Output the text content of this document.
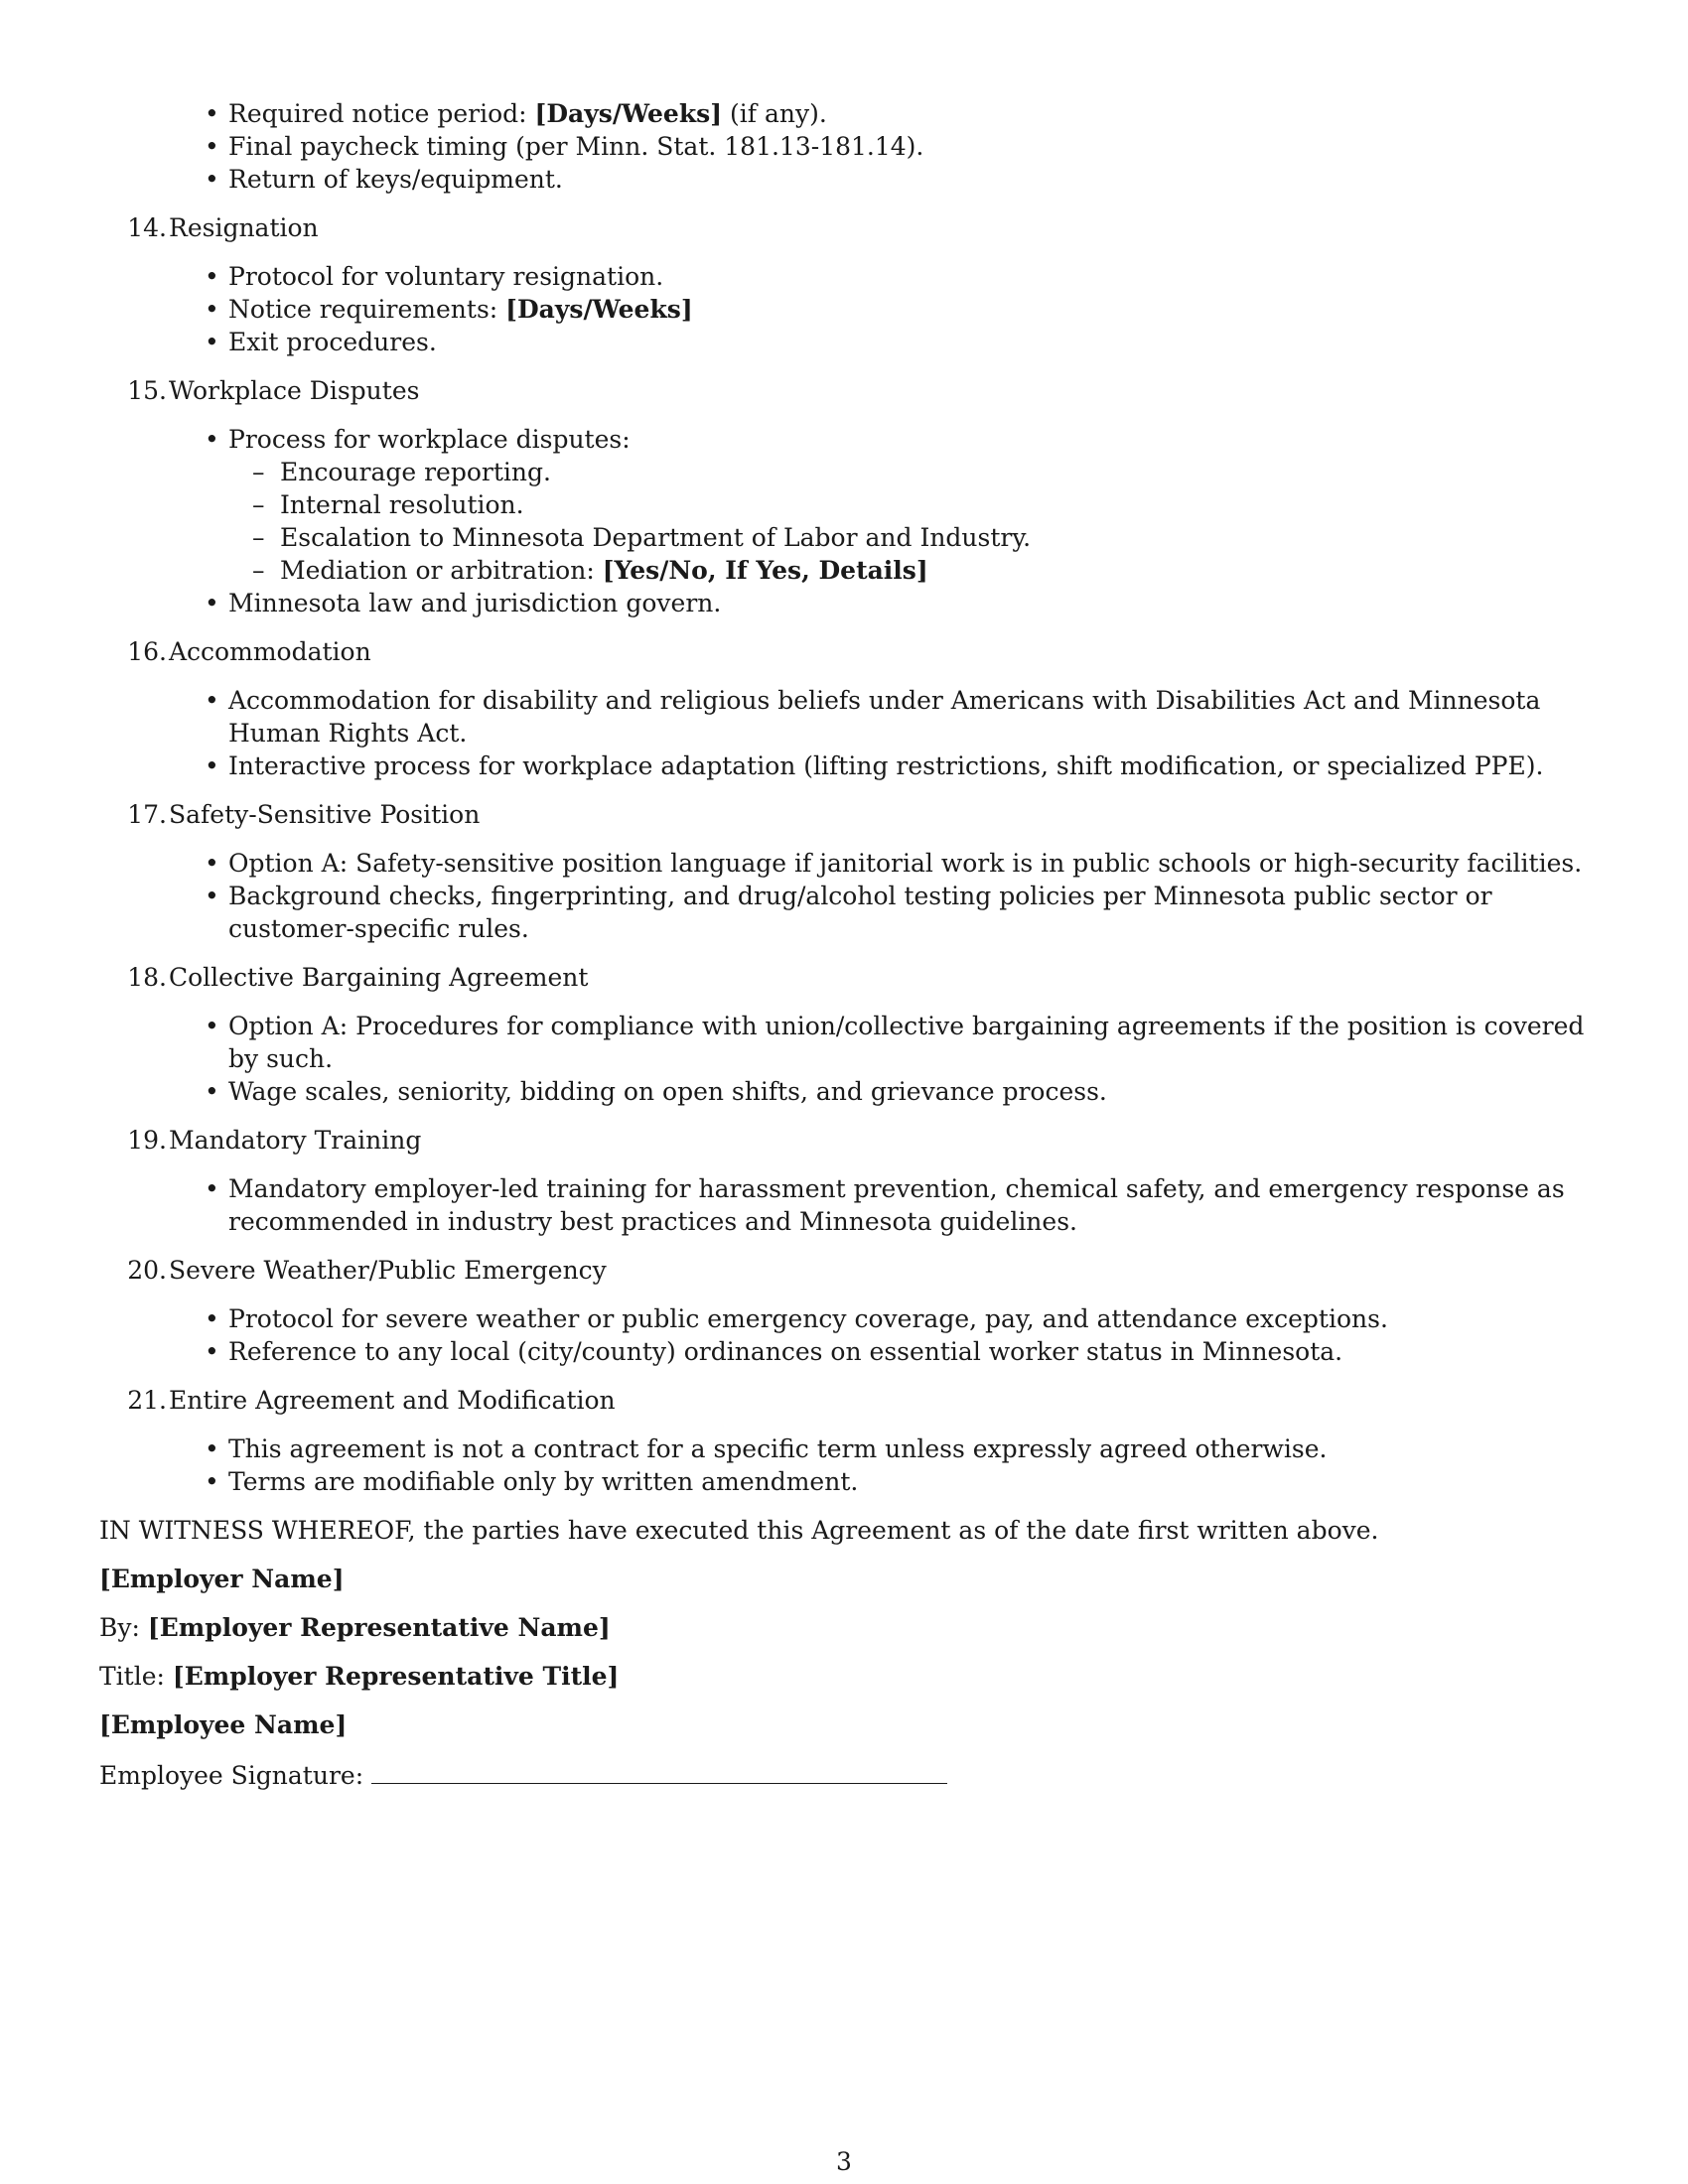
• Required notice period: [Days/Weeks] (if any).
• Final paycheck timing (per Minn. Stat. 181.13-181.14).
• Return of keys/equipment.
14. Resignation
• Protocol for voluntary resignation.
• Notice requirements: [Days/Weeks]
• Exit procedures.
15. Workplace Disputes
• Process for workplace disputes:
– Encourage reporting.
– Internal resolution.
– Escalation to Minnesota Department of Labor and Industry.
– Mediation or arbitration: [Yes/No, If Yes, Details]
• Minnesota law and jurisdiction govern.
16. Accommodation
• Accommodation for disability and religious beliefs under Americans with Disabilities Act and Minnesota Human Rights Act.
• Interactive process for workplace adaptation (lifting restrictions, shift modification, or specialized PPE).
17. Safety-Sensitive Position
• Option A: Safety-sensitive position language if janitorial work is in public schools or high-security facilities.
• Background checks, fingerprinting, and drug/alcohol testing policies per Minnesota public sector or customer-specific rules.
18. Collective Bargaining Agreement
• Option A: Procedures for compliance with union/collective bargaining agreements if the position is covered by such.
• Wage scales, seniority, bidding on open shifts, and grievance process.
19. Mandatory Training
• Mandatory employer-led training for harassment prevention, chemical safety, and emergency response as recommended in industry best practices and Minnesota guidelines.
20. Severe Weather/Public Emergency
• Protocol for severe weather or public emergency coverage, pay, and attendance exceptions.
• Reference to any local (city/county) ordinances on essential worker status in Minnesota.
21. Entire Agreement and Modification
• This agreement is not a contract for a specific term unless expressly agreed otherwise.
• Terms are modifiable only by written amendment.
IN WITNESS WHEREOF, the parties have executed this Agreement as of the date first written above.
[Employer Name]
By: [Employer Representative Name]
Title: [Employer Representative Title]
[Employee Name]
Employee Signature:
3
